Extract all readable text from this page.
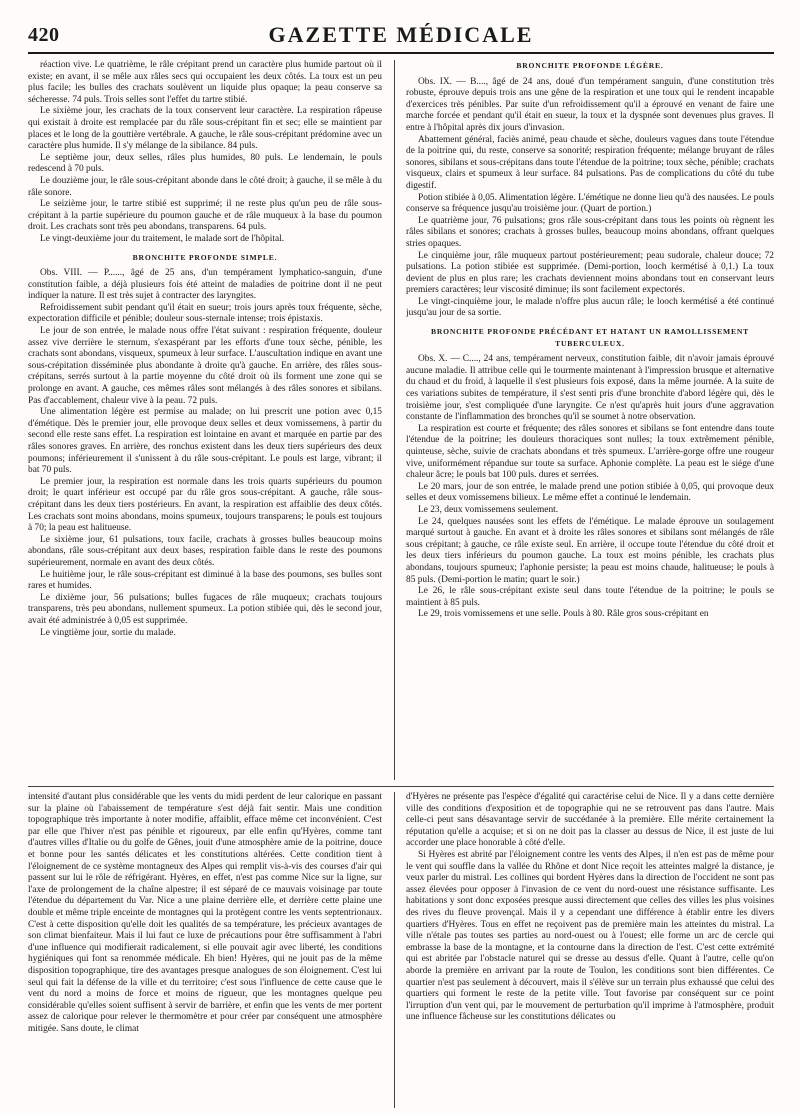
420	GAZETTE MÉDICALE

réaction vive. Le quatrième, le râle crépitant prend un caractère plus humide partout où il existe; en avant, il se mêle aux râles secs qui occupaient les deux côtés. La toux est un peu plus facile; les bulles des crachats soulèvent un liquide plus opaque; la peau conserve sa sécheresse. 74 puls. Trois selles sont l'effet du tartre stibié.

Le sixième jour, les crachats de la toux conservent leur caractère. La respiration râpeuse qui existait à droite est remplacée par du râle sous-crépitant fin et sec; elle se maintient par places et le long de la gouttière vertébrale. A gauche, le râle sous-crépitant prédomine avec un caractère plus humide. Il s'y mélange de la sibilance. 84 puls.

Le septième jour, deux selles, râles plus humides, 80 puls. Le lendemain, le pouls redescend à 70 puls.

Le douzième jour, le râle sous-crépitant abonde dans le côté droit; à gauche, il se mêle à du râle sonore.

Le seizième jour, le tartre stibié est supprimé; il ne reste plus qu'un peu de râle sous-crépitant à la partie supérieure du poumon gauche et de râle muqueux à la base du poumon droit. Les crachats sont très peu abondans, transparens. 64 puls.

Le vingt-deuxième jour du traitement, le malade sort de l'hôpital.

BRONCHITE PROFONDE SIMPLE.

Obs. VIII. — P......, âgé de 25 ans, d'un tempérament lymphatico-sanguin, d'une constitution faible, a déjà plusieurs fois été atteint de maladies de poitrine dont il ne peut indiquer la nature. Il est très sujet à contracter des laryngites.

Refroidissement subit pendant qu'il était en sueur; trois jours après toux fréquente, sèche, expectoration difficile et pénible; douleur sous-sternale intense; trois épistaxis.

Le jour de son entrée, le malade nous offre l'état suivant : respiration fréquente, douleur assez vive derrière le sternum, s'exaspérant par les efforts d'une toux sèche, pénible, les crachats sont abondans, visqueux, spumeux à leur surface. L'auscultation indique en avant une sous-crépitation disséminée plus abondante à droite qu'à gauche. En arrière, des râles sous-crépitans, serrés surtout à la partie moyenne du côté droit où ils forment une zone qui se prolonge en avant. A gauche, ces mêmes râles sont mélangés à des râles sonores et sibilans. Pas d'accablement, chaleur vive à la peau. 72 puls.

Une alimentation légère est permise au malade; on lui prescrit une potion avec 0,15 d'émétique. Dès le premier jour, elle provoque deux selles et deux vomissemens, à partir du second elle reste sans effet. La respiration est lointaine en avant et marquée en partie par des râles sonores graves. En arrière, des ronchus existent dans les deux tiers supérieurs des deux poumons; inférieurement il s'unissent à du râle sous-crépitant. Le pouls est large, vibrant; il bat 70 puls.

Le premier jour, la respiration est normale dans les trois quarts supérieurs du poumon droit; le quart inférieur est occupé par du râle gros sous-crépitant. A gauche, râle sous-crépitant dans les deux tiers postérieurs. En avant, la respiration est affaiblie des deux côtés. Les crachats sont moins abondans, moins spumeux, toujours transparens; le pouls est toujours à 70; la peau est halitueuse.

Le sixième jour, 61 pulsations, toux facile, crachats à grosses bulles beaucoup moins abondans, râle sous-crépitant aux deux bases, respiration faible dans le reste des poumons supérieurement, normale en avant des deux côtés.

Le huitième jour, le râle sous-crépitant est diminué à la base des poumons, ses bulles sont rares et humides.

Le dixième jour, 56 pulsations; bulles fugaces de râle muqueux; crachats toujours transparens, très peu abondans, nullement spumeux. La potion stibiée qui, dès le second jour, avait été administrée à 0,05 est supprimée.

Le vingtième jour, sortie du malade.

BRONCHITE PROFONDE LÉGÈRE.

Obs. IX. — B...., âgé de 24 ans, doué d'un tempérament sanguin, d'une constitution très robuste, éprouve depuis trois ans une gêne de la respiration et une toux qui le rendent incapable d'exercices très pénibles. Par suite d'un refroidissement qu'il a éprouvé en venant de faire une marche forcée et pendant qu'il était en sueur, la toux et la dyspnée sont devenues plus graves. Il entre à l'hôpital après dix jours d'invasion.

Abattement général, faciès animé, peau chaude et sèche, douleurs vagues dans toute l'étendue de la poitrine qui, du reste, conserve sa sonorité; respiration fréquente; mélange bruyant de râles sonores, sibilans et sous-crépitans dans toute l'étendue de la poitrine; toux sèche, pénible; crachats visqueux, clairs et spumeux à leur surface. 84 pulsations. Pas de complications du côté du tube digestif.

Potion stibiée à 0,05. Alimentation légère. L'émétique ne donne lieu qu'à des nausées. Le pouls conserve sa fréquence jusqu'au troisième jour. (Quart de portion.)

Le quatrième jour, 76 pulsations; gros râle sous-crépitant dans tous les points où règnent les râles sibilans et sonores; crachats à grosses bulles, beaucoup moins abondans, offrant quelques stries opaques.

Le cinquième jour, râle muqueux partout postérieurement; peau sudorale, chaleur douce; 72 pulsations. La potion stibiée est supprimée. (Demi-portion, looch kermétisé à 0,1.) La toux devient de plus en plus rare; les crachats deviennent moins abondans tout en conservant leurs premiers caractères; leur viscosité diminue; ils sont facilement expectorés.

Le vingt-cinquième jour, le malade n'offre plus aucun râle; le looch kermétisé a été continué jusqu'au jour de sa sortie.

BRONCHITE PROFONDE PRÉCÉDANT ET HATANT UN RAMOLLISSEMENT TUBERCULEUX.

Obs. X. — C...., 24 ans, tempérament nerveux, constitution faible, dit n'avoir jamais éprouvé aucune maladie. Il attribue celle qui le tourmente maintenant à l'impression brusque et alternative du chaud et du froid, à laquelle il s'est plusieurs fois exposé, dans la même journée. A la suite de ces variations subites de température, il s'est senti pris d'une bronchite d'abord légère qui, dès le troisième jour, s'est compliquée d'une laryngite. Ce n'est qu'après huit jours d'une aggravation constante de l'inflammation des bronches qu'il se soumet à notre observation.

La respiration est courte et fréquente; des râles sonores et sibilans se font entendre dans toute l'étendue de la poitrine; les douleurs thoraciques sont nulles; la toux extrêmement pénible, quinteuse, sèche, suivie de crachats abondans et très spumeux. L'arrière-gorge offre une rougeur vive, uniformément répandue sur toute sa surface. Aphonie complète. La peau est le siége d'une chaleur âcre; le pouls bat 100 puls. dures et serrées.

Le 20 mars, jour de son entrée, le malade prend une potion stibiée à 0,05, qui provoque deux selles et deux vomissemens bilieux. Le même effet a continué le lendemain.

Le 23, deux vomissemens seulement.

Le 24, quelques nausées sont les effets de l'émétique. Le malade éprouve un soulagement marqué surtout à gauche. En avant et à droite les râles sonores et sibilans sont mélangés de râle sous crépitant; à gauche, ce râle existe seul. En arrière, il occupe toute l'étendue du côté droit et les deux tiers inférieurs du poumon gauche. La toux est moins pénible, les crachats plus abondans, toujours spumeux; l'aphonie persiste; la peau est moins chaude, halitueuse; le pouls à 85 puls. (Demi-portion le matin; quart le soir.)

Le 26, le râle sous-crépitant existe seul dans toute l'étendue de la poitrine; le pouls se maintient à 85 puls.

Le 29, trois vomissemens et une selle. Pouls à 80. Râle gros sous-crépitant en

intensité d'autant plus considérable que les vents du midi perdent de leur calorique en passant sur la plaine où l'abaissement de température s'est déjà fait sentir. Mais une condition topographique très importante à noter modifie, affaiblit, efface même cet inconvénient. C'est par elle que l'hiver n'est pas pénible et rigoureux, par elle enfin qu'Hyères, comme tant d'autres villes d'Italie ou du golfe de Gênes, jouit d'une atmosphère amie de la poitrine, douce et bonne pour les santés délicates et les constitutions altérées. Cette condition tient à l'éloignement de ce système montagneux des Alpes qui remplit vis-à-vis des courses d'air qui passent sur lui le rôle de réfrigérant. Hyères, en effet, n'est pas comme Nice sur la ligne, sur l'axe de prolongement de la chaîne alpestre; il est séparé de ce mauvais voisinage par toute l'étendue du département du Var. Nice a une plaine derrière elle, et derrière cette plaine une double et même triple enceinte de montagnes qui la protègent contre les vents septentrionaux. C'est à cette disposition qu'elle doit les qualités de sa température, les précieux avantages de son climat bienfaiteur. Mais il lui faut ce luxe de précautions pour être suffisamment à l'abri d'une influence qui modifierait radicalement, si elle pouvait agir avec liberté, les conditions hygiéniques qui font sa renommée médicale. Eh bien! Hyères, qui ne jouit pas de la même disposition topographique, tire des avantages presque analogues de son éloignement. C'est lui seul qui fait la défense de la ville et du territoire; c'est sous l'influence de cette cause que le vent du nord a moins de force et moins de rigueur, que les montagnes quelque peu considérable qu'elles soient suffisent à servir de barrière, et enfin que les vents de mer portent assez de calorique pour relever le thermomètre et pour créer par conséquent une atmosphère mitigée. Sans doute, le climat

d'Hyères ne présente pas l'espèce d'égalité qui caractérise celui de Nice. Il y a dans cette dernière ville des conditions d'exposition et de topographie qui ne se retrouvent pas dans l'autre. Mais celle-ci peut sans désavantage servir de succédanée à la première. Elle mérite certainement la réputation qu'elle a acquise; et si on ne doit pas la classer au dessus de Nice, il est juste de lui accorder une place honorable à côté d'elle.

Si Hyères est abrité par l'éloignement contre les vents des Alpes, il n'en est pas de même pour le vent qui souffle dans la vallée du Rhône et dont Nice reçoit les atteintes malgré la distance, je veux parler du mistral. Les collines qui bordent Hyères dans la direction de l'occident ne sont pas assez élevées pour opposer à l'invasion de ce vent du nord-ouest une résistance suffisante. Les habitations y sont donc exposées presque aussi directement que celles des villes les plus voisines des rives du fleuve provençal. Mais il y a cependant une différence à établir entre les divers quartiers d'Hyères. Tous en effet ne reçoivent pas de première main les atteintes du mistral. La ville n'étale pas toutes ses parties au nord-ouest ou à l'ouest; elle forme un arc de cercle qui embrasse la base de la montagne, et la contourne dans la direction de l'est. C'est cette extrémité qui est abritée par l'obstacle naturel qui se dresse au dessus d'elle. Quant à l'autre, celle qu'on aborde la première en arrivant par la route de Toulon, les conditions sont bien différentes. Ce quartier n'est pas seulement à découvert, mais il s'élève sur un terrain plus exhaussé que celui des quartiers qui forment le reste de la petite ville. Tout favorise par conséquent sur ce point l'irruption d'un vent qui, par le mouvement de perturbation qu'il imprime à l'atmosphère, produit une influence fâcheuse sur les constitutions délicates ou
